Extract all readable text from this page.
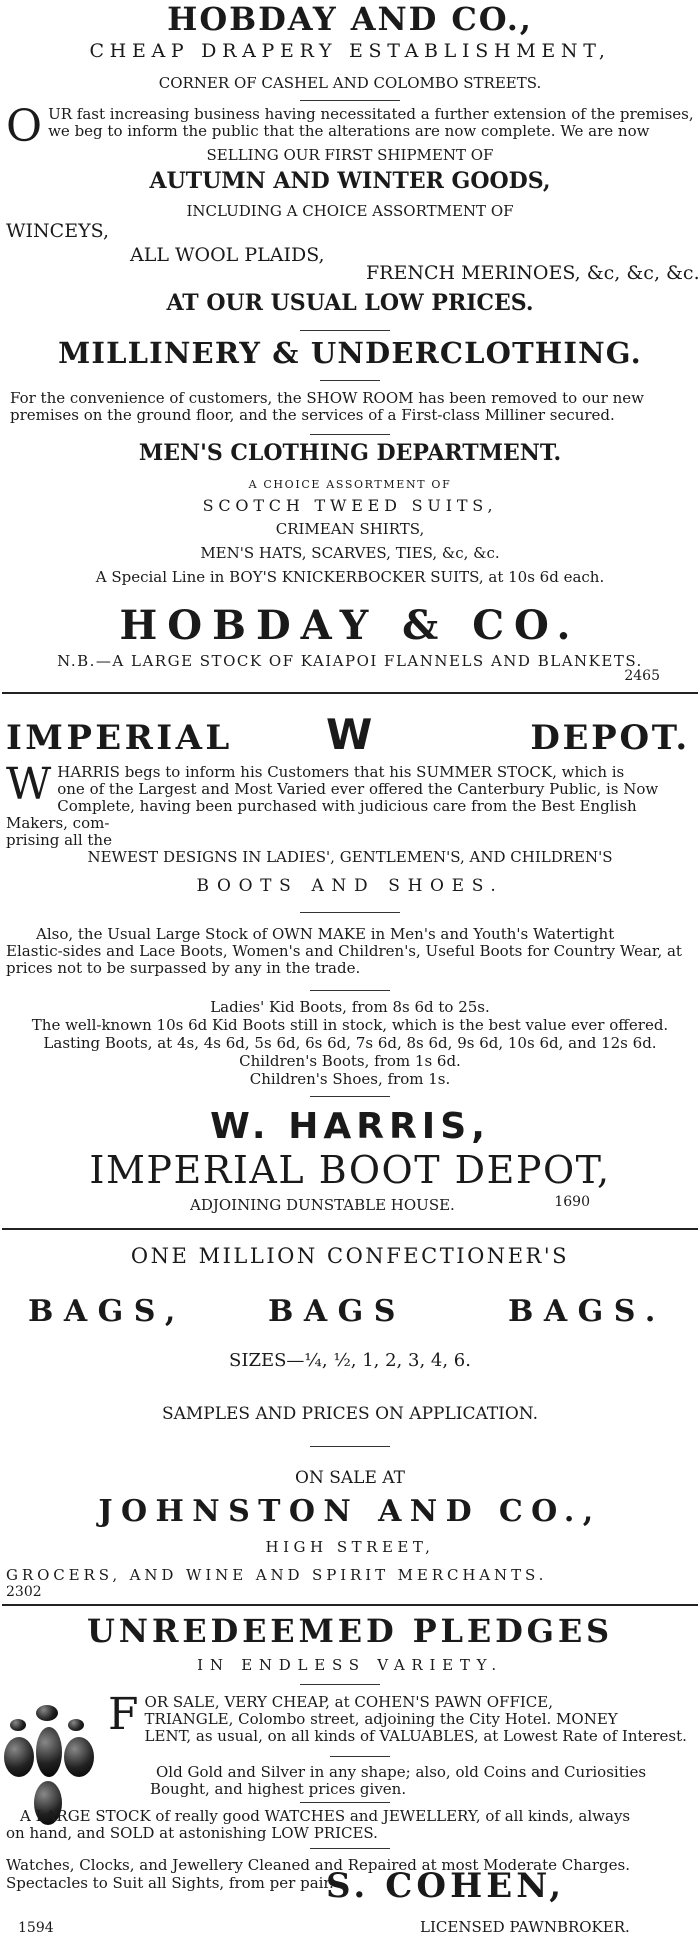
HOBDAY AND CO.,
CHEAP DRAPERY ESTABLISHMENT,
CORNER OF CASHEL AND COLOMBO STREETS.
O UR fast increasing business having necessitated a further extension of the premises,
we beg to inform the public that the alterations are now complete. We are now
SELLING OUR FIRST SHIPMENT OF
AUTUMN AND WINTER GOODS,
INCLUDING A CHOICE ASSORTMENT OF
WINCEYS,
ALL WOOL PLAIDS,
FRENCH MERINOES, &c, &c, &c.
AT OUR USUAL LOW PRICES.
MILLINERY & UNDERCLOTHING.
For the convenience of customers, the SHOW ROOM has been removed to our new
premises on the ground floor, and the services of a First-class Milliner secured.
MEN'S CLOTHING DEPARTMENT.
A CHOICE ASSORTMENT OF
SCOTCH TWEED SUITS,
CRIMEAN SHIRTS,
MEN'S HATS, SCARVES, TIES, &c, &c.
A Special Line in BOY'S KNICKERBOCKER SUITS, at 10s 6d each.
HOBDAY & CO.
N.B.—A LARGE STOCK OF KAIAPOI FLANNELS AND BLANKETS.
2465
IMPERIAL	W	DEPOT.
W HARRIS begs to inform his Customers that his SUMMER STOCK, which is
one of the Largest and Most Varied ever offered the Canterbury Public, is Now
Complete, having been purchased with judicious care from the Best English Makers, com-
prising all the
NEWEST DESIGNS IN LADIES', GENTLEMEN'S, AND CHILDREN'S
BOOTS AND SHOES.
Also, the Usual Large Stock of OWN MAKE in Men's and Youth's Watertight
Elastic-sides and Lace Boots, Women's and Children's, Useful Boots for Country Wear, at
prices not to be surpassed by any in the trade.
Ladies' Kid Boots, from 8s 6d to 25s.
The well-known 10s 6d Kid Boots still in stock, which is the best value ever offered.
Lasting Boots, at 4s, 4s 6d, 5s 6d, 6s 6d, 7s 6d, 8s 6d, 9s 6d, 10s 6d, and 12s 6d.
Children's Boots, from 1s 6d.
Children's Shoes, from 1s.
W. HARRIS,
IMPERIAL BOOT DEPOT,
ADJOINING DUNSTABLE HOUSE.	1690
ONE MILLION CONFECTIONER'S
BAGS,	BAGS	BAGS.
SIZES—¼, ½, 1, 2, 3, 4, 6.
SAMPLES AND PRICES ON APPLICATION.
ON SALE AT
JOHNSTON AND CO.,
HIGH STREET,
GROCERS, AND WINE AND SPIRIT MERCHANTS.
2302
UNREDEEMED PLEDGES
IN ENDLESS VARIETY.
F OR SALE, VERY CHEAP, at COHEN'S PAWN OFFICE,
TRIANGLE, Colombo street, adjoining the City Hotel. MONEY
LENT, as usual, on all kinds of VALUABLES, at Lowest Rate of Interest.
Old Gold and Silver in any shape; also, old Coins and Curiosities
Bought, and highest prices given.
A LARGE STOCK of really good WATCHES and JEWELLERY, of all kinds, always
on hand, and SOLD at astonishing LOW PRICES.
Watches, Clocks, and Jewellery Cleaned and Repaired at most Moderate Charges.
Spectacles to Suit all Sights, from per pair.
S. COHEN,
1594	LICENSED PAWNBROKER.
